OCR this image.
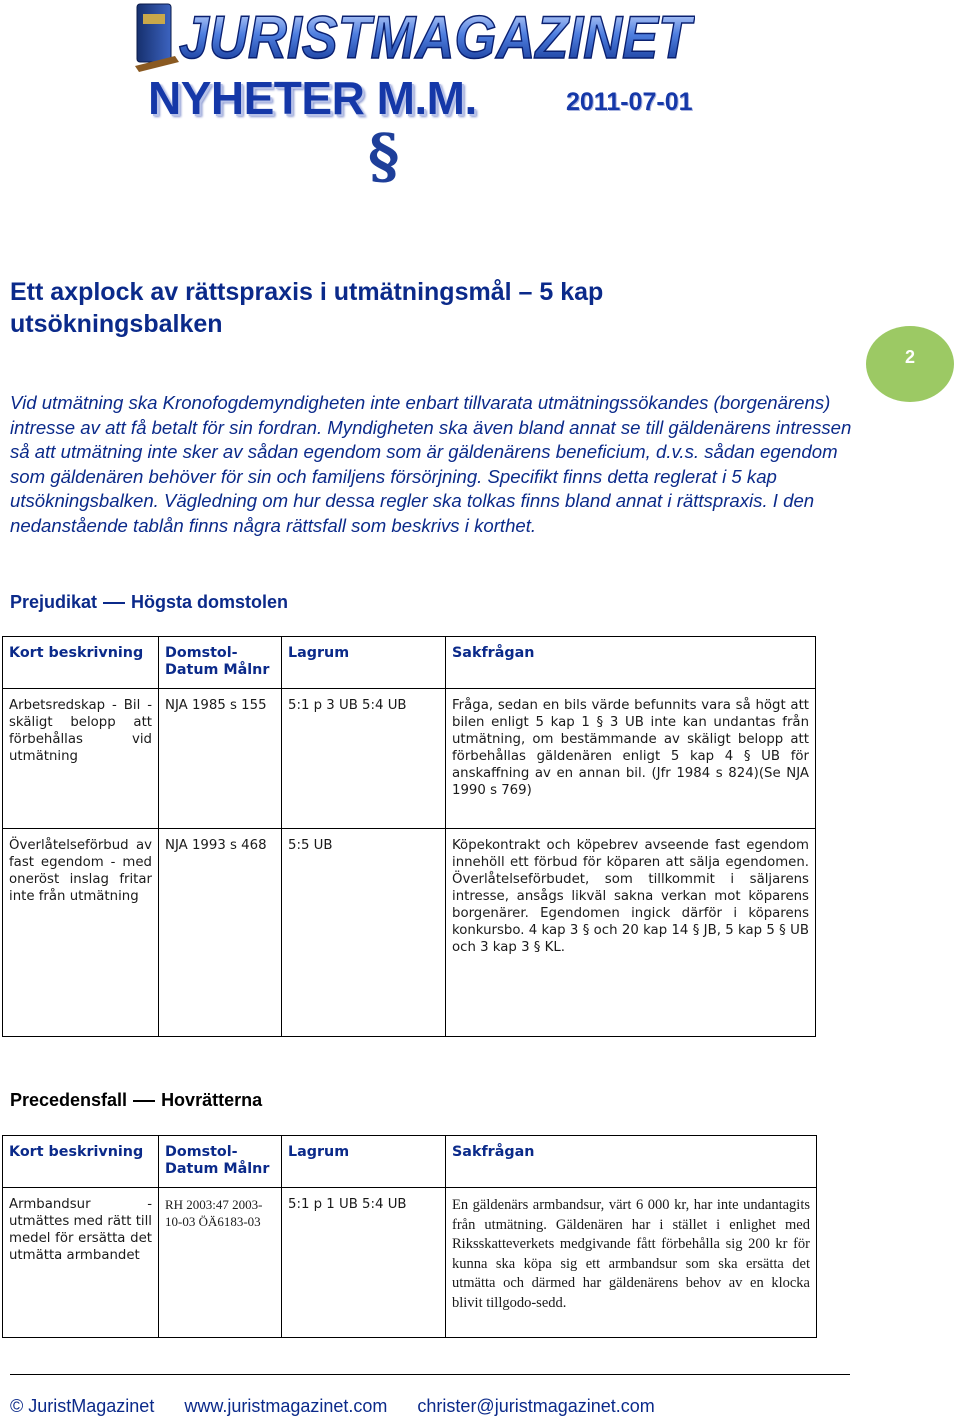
JURISTMAGAZINET
NYHETER M.M.	2011-07-01
§
Ett axplock av rättspraxis i utmätningsmål – 5 kap utsökningsbalken
2
Vid utmätning ska Kronofogdemyndigheten inte enbart tillvarata utmätningssökandes (borgenärens) intresse av att få betalt för sin fordran. Myndigheten ska även bland annat se till gäldenärens intressen så att utmätning inte sker av sådan egendom som är gäldenärens beneficium, d.v.s. sådan egendom som gäldenären behöver för sin och familjens försörjning. Specifikt finns detta reglerat i 5 kap utsökningsbalken. Vägledning om hur dessa regler ska tolkas finns bland annat i rättspraxis. I den nedanstående tablån finns några rättsfall som beskrivs i korthet.
Prejudikat Högsta domstolen
Kort beskrivning	Domstol-Datum Målnr	Lagrum	Sakfrågan
Arbetsredskap - Bil - skäligt belopp att förbehållas vid utmätning	NJA 1985 s 155	5:1 p 3 UB 5:4 UB	Fråga, sedan en bils värde befunnits vara så högt att bilen enligt 5 kap 1 § 3 UB inte kan undantas från utmätning, om bestämmande av skäligt belopp att förbehållas gäldenären enligt 5 kap 4 § UB för anskaffning av en annan bil. (Jfr 1984 s 824)(Se NJA 1990 s 769)
Överlåtelseförbud av fast egendom - med oneröst inslag fritar inte från utmätning	NJA 1993 s 468	5:5 UB	Köpekontrakt och köpebrev avseende fast egendom innehöll ett förbud för köparen att sälja egendomen. Överlåtelseförbudet, som tillkommit i säljarens intresse, ansågs likväl sakna verkan mot köparens borgenärer. Egendomen ingick därför i köparens konkursbo. 4 kap 3 § och 20 kap 14 § JB, 5 kap 5 § UB och 3 kap 3 § KL.
Precedensfall Hovrätterna
Kort beskrivning	Domstol-Datum Målnr	Lagrum	Sakfrågan
Armbandsur - utmättes med rätt till medel för ersätta det utmätta armbandet	RH 2003:47 2003-10-03 ÖÄ6183-03	5:1 p 1 UB 5:4 UB	En gäldenärs armbandsur, värt 6 000 kr, har inte undantagits från utmätning. Gäldenären har i stället i enlighet med Riksskatteverkets medgivande fått förbehålla sig 200 kr för kunna ska köpa sig ett armbandsur som ska ersätta det utmätta och därmed har gäldenärens behov av en klocka blivit tillgodo-sedd.
© JuristMagazinet www.juristmagazinet.com christer@juristmagazinet.com
